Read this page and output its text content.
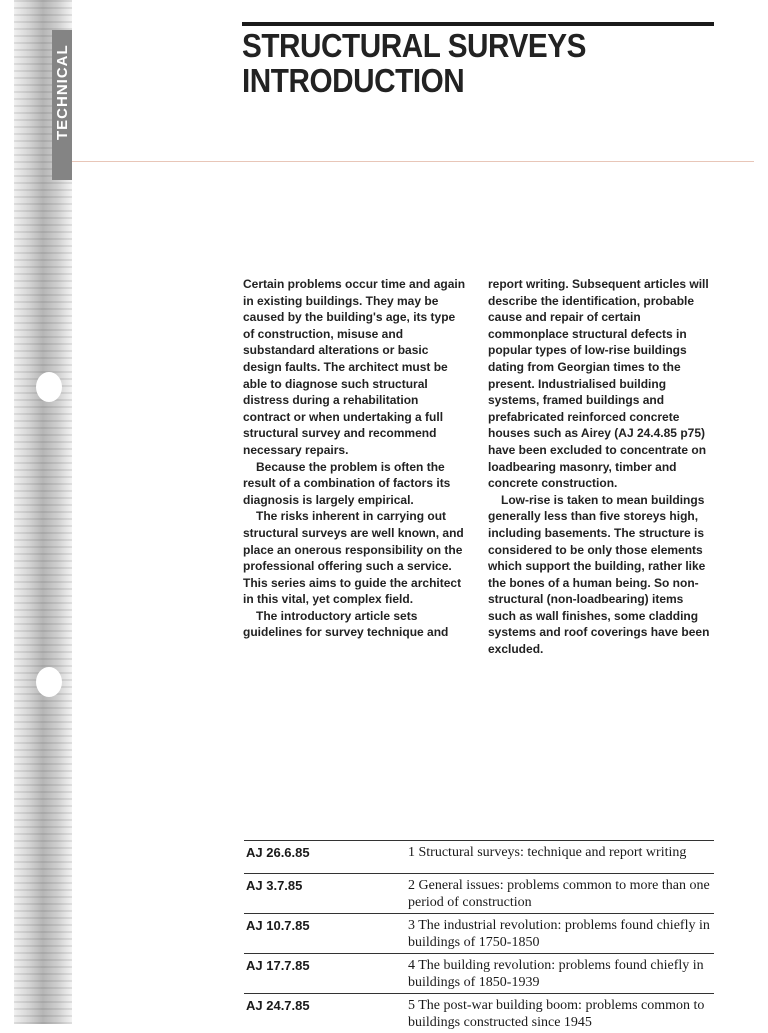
TECHNICAL	STRUCTURAL SURVEYS
INTRODUCTION

Certain problems occur time and again in existing buildings. They may be caused by the building's age, its type of construction, misuse and substandard alterations or basic design faults. The architect must be able to diagnose such structural distress during a rehabilitation contract or when undertaking a full structural survey and recommend necessary repairs.

Because the problem is often the result of a combination of factors its diagnosis is largely empirical.

The risks inherent in carrying out structural surveys are well known, and place an onerous responsibility on the professional offering such a service. This series aims to guide the architect in this vital, yet complex field.

The introductory article sets guidelines for survey technique and

report writing. Subsequent articles will describe the identification, probable cause and repair of certain commonplace structural defects in popular types of low-rise buildings dating from Georgian times to the present. Industrialised building systems, framed buildings and prefabricated reinforced concrete houses such as Airey (AJ 24.4.85 p75) have been excluded to concentrate on loadbearing masonry, timber and concrete construction.

Low-rise is taken to mean buildings generally less than five storeys high, including basements. The structure is considered to be only those elements which support the building, rather like the bones of a human being. So non-structural (non-loadbearing) items such as wall finishes, some cladding systems and roof coverings have been excluded.

AJ 26.6.85	1 Structural surveys: technique and report writing
AJ 3.7.85	2 General issues: problems common to more than one period of construction
AJ 10.7.85	3 The industrial revolution: problems found chiefly in buildings of 1750-1850
AJ 17.7.85	4 The building revolution: problems found chiefly in buildings of 1850-1939
AJ 24.7.85	5 The post-war building boom: problems common to buildings constructed since 1945
